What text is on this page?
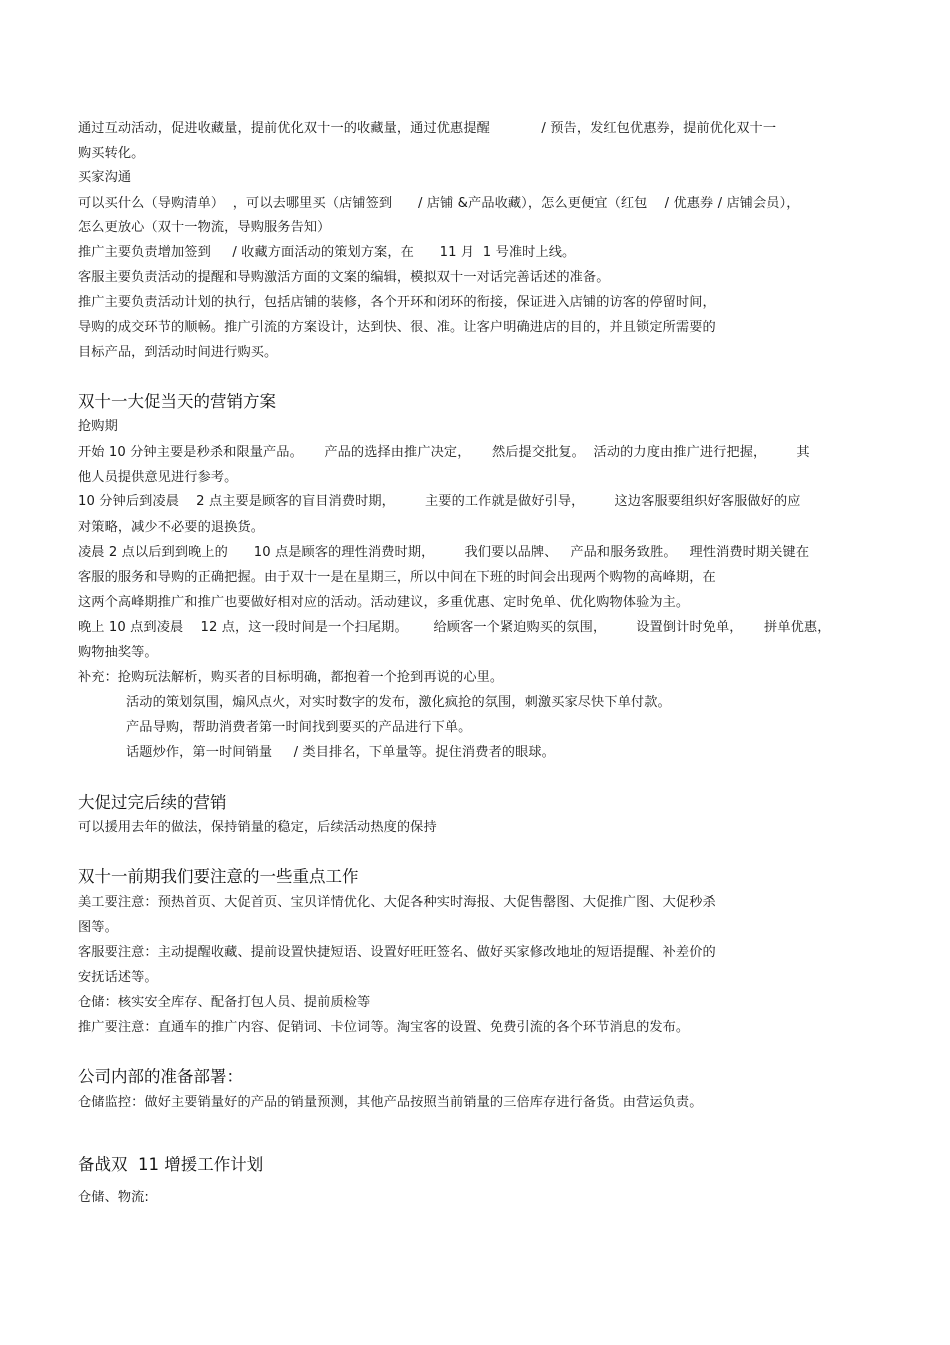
通过互动活动，促进收藏量，提前优化双十一的收藏量，通过优惠提醒            / 预告，发红包优惠券，提前优化双十一
购买转化。
买家沟通
可以买什么（导购清单）  ，可以去哪里买（店铺签到      / 店铺 &产品收藏），怎么更便宜（红包    / 优惠券 / 店铺会员），
怎么更放心（双十一物流，导购服务告知）
推广主要负责增加签到     / 收藏方面活动的策划方案，在      11 月  1 号准时上线。
客服主要负责活动的提醒和导购激活方面的文案的编辑，模拟双十一对话完善话述的准备。
推广主要负责活动计划的执行，包括店铺的装修，各个开环和闭环的衔接，保证进入店铺的访客的停留时间，
导购的成交环节的顺畅。推广引流的方案设计，达到快、很、准。让客户明确进店的目的，并且锁定所需要的
目标产品，到活动时间进行购买。
双十一大促当天的营销方案
抢购期
开始 10 分钟主要是秒杀和限量产品。     产品的选择由推广决定，     然后提交批复。  活动的力度由推广进行把握，       其
他人员提供意见进行参考。
10 分钟后到凌晨    2 点主要是顾客的盲目消费时期，       主要的工作就是做好引导，       这边客服要组织好客服做好的应
对策略，减少不必要的退换货。
凌晨 2 点以后到到晚上的      10 点是顾客的理性消费时期，       我们要以品牌、   产品和服务致胜。   理性消费时期关键在
客服的服务和导购的正确把握。由于双十一是在星期三，所以中间在下班的时间会出现两个购物的高峰期，在
这两个高峰期推广和推广也要做好相对应的活动。活动建议，多重优惠、定时免单、优化购物体验为主。
晚上 10 点到凌晨    12 点，这一段时间是一个扫尾期。      给顾客一个紧迫购买的氛围，       设置倒计时免单，     拼单优惠，
购物抽奖等。
补充：抢购玩法解析，购买者的目标明确，都抱着一个抢到再说的心里。
活动的策划氛围，煽风点火，对实时数字的发布，激化疯抢的氛围，刺激买家尽快下单付款。
产品导购，帮助消费者第一时间找到要买的产品进行下单。
话题炒作，第一时间销量     / 类目排名，下单量等。捉住消费者的眼球。
大促过完后续的营销
可以援用去年的做法，保持销量的稳定，后续活动热度的保持
双十一前期我们要注意的一些重点工作
美工要注意：预热首页、大促首页、宝贝详情优化、大促各种实时海报、大促售罄图、大促推广图、大促秒杀
图等。
客服要注意：主动提醒收藏、提前设置快捷短语、设置好旺旺签名、做好买家修改地址的短语提醒、补差价的
安抚话述等。
仓储：核实安全库存、配备打包人员、提前质检等
推广要注意：直通车的推广内容、促销词、卡位词等。淘宝客的设置、免费引流的各个环节消息的发布。
公司内部的准备部署：
仓储监控：做好主要销量好的产品的销量预测，其他产品按照当前销量的三倍库存进行备货。由营运负责。
备战双  11 增援工作计划
仓储、物流:
